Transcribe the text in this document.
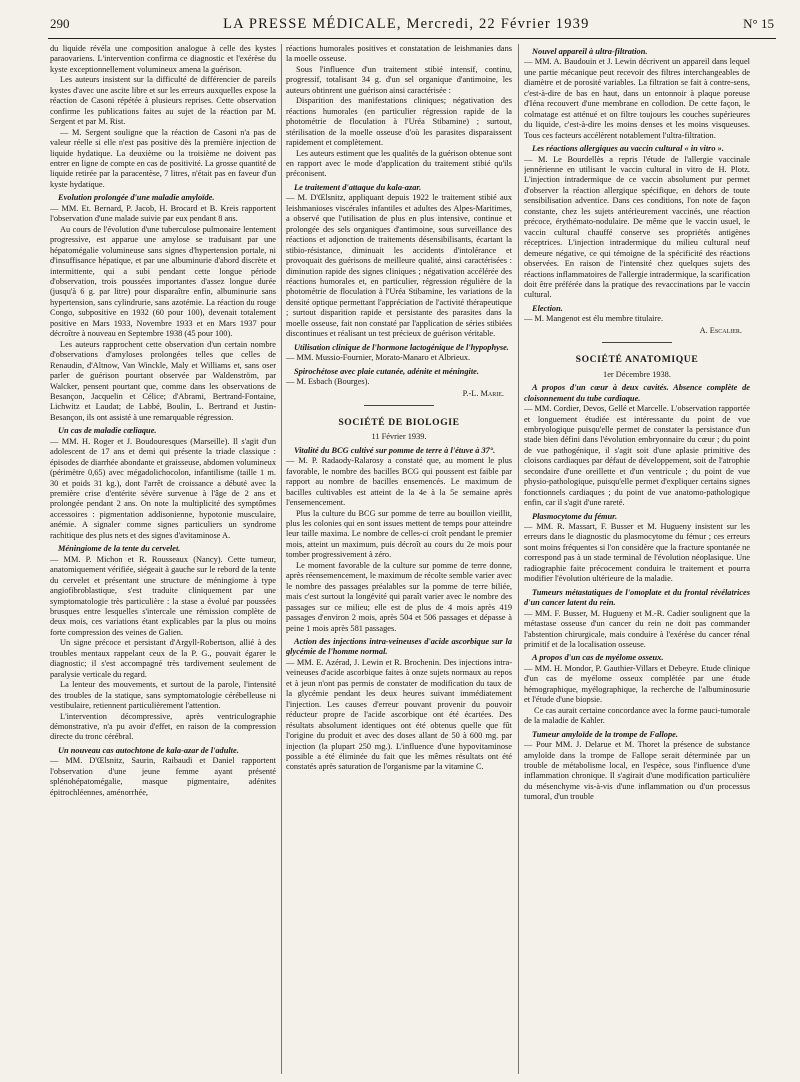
290	LA PRESSE MÉDICALE, Mercredi, 22 Février 1939	N° 15

du liquide révéla une composition analogue à celle des kystes paraovariens. L'intervention confirma ce diagnostic et l'exérèse du kyste exceptionnellement volumineux amena la guérison.

Les auteurs insistent sur la difficulté de différencier de pareils kystes d'avec une ascite libre et sur les erreurs auxquelles expose la réaction de Casoni répétée à plusieurs reprises. Cette observation confirme les publications faites au sujet de la réaction par M. Sergent et par M. Rist.

— M. Sergent souligne que la réaction de Casoni n'a pas de valeur réelle si elle n'est pas positive dès la première injection de liquide hydatique. La deuxième ou la troisième ne doivent pas entrer en ligne de compte en cas de positivité. La grosse quantité de liquide retirée par la paracentèse, 7 litres, n'était pas en faveur d'un kyste hydatique.

Evolution prolongée d'une maladie amyloïde.

— MM. Et. Bernard, P. Jacob, H. Brocard et B. Kreis rapportent l'observation d'une malade suivie par eux pendant 8 ans.

Au cours de l'évolution d'une tuberculose pulmonaire lentement progressive, est apparue une amylose se traduisant par une hépatomégalie volumineuse sans signes d'hypertension portale, ni d'insuffisance hépatique, et par une albuminurie d'abord discrète et intermittente, qui a subi pendant cette longue période d'observation, trois poussées importantes d'assez longue durée (jusqu'à 6 g. par litre) pour disparaître enfin, albuminurie sans hypertension, sans cylindrurie, sans azotémie. La réaction du rouge Congo, subpositive en 1932 (60 pour 100), devenait totalement positive en Mars 1933, Novembre 1933 et en Mars 1937 pour décroître à nouveau en Septembre 1938 (45 pour 100).

Les auteurs rapprochent cette observation d'un certain nombre d'observations d'amyloses prolongées telles que celles de Renaudin, d'Altnow, Van Winckle, Maly et Williams et, sans oser parler de guérison pourtant observée par Waldenström, par Walcker, pensent pourtant que, comme dans les observations de Besançon, Jacquelin et Célice; d'Abrami, Bertrand-Fontaine, Lichwitz et Laudat; de Labbé, Boulin, L. Bertrand et Justin-Besançon, ils ont assisté à une remarquable régression.

Un cas de maladie cœliaque.

— MM. H. Roger et J. Boudouresques (Marseille). Il s'agit d'un adolescent de 17 ans et demi qui présente la triade classique : épisodes de diarrhée abondante et graisseuse, abdomen volumineux (périmètre 0,65) avec mégadolichocolon, infantilisme (taille 1 m. 30 et poids 31 kg.), dont l'arrêt de croissance a débuté avec la première crise d'entérite sévère survenue à l'âge de 2 ans et prolongée pendant 2 ans. On note la multiplicité des symptômes accessoires : pigmentation addisonienne, hypotonie musculaire, anémie. A signaler comme signes particuliers un syndrome rachitique des plus nets et des signes d'avitaminose A.

Méningiome de la tente du cervelet.

— MM. P. Michon et R. Rousseaux (Nancy). Cette tumeur, anatomiquement vérifiée, siégeait à gauche sur le rebord de la tente du cervelet et présentant une structure de méningiome à type angiofibroblastique, s'est traduite cliniquement par une symptomatologie très particulière : la stase a évolué par poussées brusques entre lesquelles s'intercale une rémission complète de deux mois, ces variations étant explicables par la plus ou moins forte compression des veines de Galien.

Un signe précoce et persistant d'Argyll-Robertson, allié à des troubles mentaux rappelant ceux de la P. G., pouvait égarer le diagnostic; il s'est accompagné très tardivement seulement de paralysie verticale du regard.

La lenteur des mouvements, et surtout de la parole, l'intensité des troubles de la statique, sans symptomatologie cérébelleuse ni vestibulaire, retiennent particulièrement l'attention.

L'intervention décompressive, après ventriculographie démonstrative, n'a pu avoir d'effet, en raison de la compression directe du tronc cérébral.

Un nouveau cas autochtone de kala-azar de l'adulte.

— MM. D'Œlsnitz, Saurin, Raibaudi et Daniel rapportent l'observation d'une jeune femme ayant présenté splénohépatomégalie, masque pigmentaire, adénites épitrochléennes, aménorrhée,

réactions humorales positives et constatation de leishmanies dans la moelle osseuse.

Sous l'influence d'un traitement stibié intensif, continu, progressif, totalisant 34 g. d'un sel organique d'antimoine, les auteurs obtinrent une guérison ainsi caractérisée :

Disparition des manifestations cliniques; négativation des réactions humorales (en particulier régression rapide de la photométrie de floculation à l'Uréa Stibamine) ; surtout, stérilisation de la moelle osseuse d'où les parasites disparaissent rapidement et complètement.

Les auteurs estiment que les qualités de la guérison obtenue sont en rapport avec le mode d'application du traitement stibié qu'ils préconisent.

Le traitement d'attaque du kala-azar.

— M. D'Œlsnitz, appliquant depuis 1922 le traitement stibié aux leishmanioses viscérales infantiles et adultes des Alpes-Maritimes, a observé que l'utilisation de plus en plus intensive, continue et prolongée des sels organiques d'antimoine, sous surveillance des réactions et adjonction de traitements désensibilisants, écartant la stibio-résistance, diminuait les accidents d'intolérance et provoquait des guérisons de meilleure qualité, ainsi caractérisées : diminution rapide des signes cliniques ; négativation accélérée des réactions humorales et, en particulier, régression régulière de la photométrie de floculation à l'Uréa Stibamine, les variations de la densité optique permettant l'appréciation de l'activité thérapeutique ; surtout disparition rapide et persistante des parasites dans la moelle osseuse, fait non constaté par l'application de séries stibiées discontinues et réalisant un test précieux de guérison véritable.

Utilisation clinique de l'hormone lactogénique de l'hypophyse.

— MM. Mussio-Fournier, Morato-Manaro et Albrieux.

Spirochétose avec plaie cutanée, adénite et méningite.

— M. Esbach (Bourges).

P.-L. Marie.

SOCIÉTÉ DE BIOLOGIE

11 Février 1939.

Vitalité du BCG cultivé sur pomme de terre à l'étuve à 37°.

— M. P. Radaody-Ralarosy a constaté que, au moment le plus favorable, le nombre des bacilles BCG qui poussent est faible par rapport au nombre de bacilles ensemencés. Le maximum de bacilles cultivables est atteint de la 4e à la 5e semaine après l'ensemencement.

Plus la culture du BCG sur pomme de terre au bouillon vieillit, plus les colonies qui en sont issues mettent de temps pour atteindre leur taille maxima. Le nombre de celles-ci croît pendant le premier mois, atteint un maximum, puis décroît au cours du 2e mois pour tomber progressivement à zéro.

Le moment favorable de la culture sur pomme de terre donne, après réensemencement, le maximum de récolte semble varier avec le nombre des passages préalables sur la pomme de terre biliée, mais c'est surtout la longévité qui paraît varier avec le nombre des passages sur ce milieu; elle est de plus de 4 mois après 419 passages d'environ 2 mois, après 504 et 506 passages et dépasse à peine 1 mois après 581 passages.

Action des injections intra-veineuses d'acide ascorbique sur la glycémie de l'homme normal.

— MM. E. Azérad, J. Lewin et R. Brochenin. Des injections intra-veineuses d'acide ascorbique faites à onze sujets normaux au repos et à jeun n'ont pas permis de constater de modification du taux de la glycémie pendant les deux heures suivant immédiatement l'injection. Les causes d'erreur pouvant provenir du pouvoir réducteur propre de l'acide ascorbique ont été écartées. Des résultats absolument identiques ont été obtenus quelle que fût l'origine du produit et avec des doses allant de 50 à 600 mg. par injection (la plupart 250 mg.). L'influence d'une hypovitaminose possible a été éliminée du fait que les mêmes résultats ont été constatés après saturation de l'organisme par la vitamine C.

Nouvel appareil à ultra-filtration.

— MM. A. Baudouin et J. Lewin décrivent un appareil dans lequel une partie mécanique peut recevoir des filtres interchangeables de diamètre et de porosité variables. La filtration se fait à contre-sens, c'est-à-dire de bas en haut, dans un entonnoir à plaque poreuse d'Iéna recouvert d'une membrane en collodion. De cette façon, le colmatage est atténué et on filtre toujours les couches supérieures du liquide, c'est-à-dire les moins denses et les moins visqueuses. Tous ces facteurs accélèrent notablement l'ultra-filtration.

Les réactions allergiques au vaccin cultural « in vitro ».

— M. Le Bourdellès a repris l'étude de l'allergie vaccinale jennérienne en utilisant le vaccin cultural in vitro de H. Plotz. L'injection intradermique de ce vaccin absolument pur permet d'observer la réaction allergique spécifique, en dehors de toute sensibilisation adventice. Dans ces conditions, l'on note de façon constante, chez les sujets antérieurement vaccinés, une réaction précoce, érythémato-nodulaire. De même que le vaccin usuel, le vaccin cultural chauffé conserve ses propriétés antigènes réceptrices. L'injection intradermique du milieu cultural neuf demeure négative, ce qui témoigne de la spécificité des réactions observées. En raison de l'intensité chez quelques sujets des réactions inflammatoires de l'allergie intradermique, la scarification doit être préférée dans la pratique des revaccinations par le vaccin cultural.

Election.

— M. Mangenot est élu membre titulaire.

A. Escalier.

SOCIÉTÉ ANATOMIQUE

1er Décembre 1938.

A propos d'un cœur à deux cavités. Absence complète de cloisonnement du tube cardiaque.

— MM. Cordier, Devos, Gellé et Marcelle. L'observation rapportée et longuement étudiée est intéressante du point de vue embryologique puisqu'elle permet de constater la persistance d'un stade bien défini dans l'évolution embryonnaire du cœur ; du point de vue pathogénique, il s'agit soit d'une aplasie primitive des cloisons cardiaques par défaut de développement, soit de l'atrophie secondaire d'une oreillette et d'un ventricule ; du point de vue physio-pathologique, puisqu'elle permet d'expliquer certains signes fonctionnels cardiaques ; du point de vue anatomo-pathologique enfin, car il s'agit d'une rareté.

Plasmocytome du fémur.

— MM. R. Massart, F. Busser et M. Hugueny insistent sur les erreurs dans le diagnostic du plasmocytome du fémur ; ces erreurs sont moins fréquentes si l'on considère que la fracture spontanée ne correspond pas à un stade terminal de l'évolution néoplasique. Une radiographie faite précocement conduira le traitement et pourra modifier l'évolution ultérieure de la maladie.

Tumeurs métastatiques de l'omoplate et du frontal révélatrices d'un cancer latent du rein.

— MM. F. Busser, M. Hugueny et M.-R. Cadier soulignent que la métastase osseuse d'un cancer du rein ne doit pas commander l'abstention chirurgicale, mais conduire à l'exérèse du cancer rénal primitif et de la localisation osseuse.

A propos d'un cas de myélome osseux.

— MM. H. Mondor, P. Gauthier-Villars et Debeyre. Etude clinique d'un cas de myélome osseux complétée par une étude hémographique, myélographique, la recherche de l'albuminosurie et l'étude d'une biopsie.

Ce cas aurait certaine concordance avec la forme pauci-tumorale de la maladie de Kahler.

Tumeur amyloïde de la trompe de Fallope.

— Pour MM. J. Delarue et M. Thoret la présence de substance amyloïde dans la trompe de Fallope serait déterminée par un trouble de métabolisme local, en l'espèce, sous l'influence d'une inflammation chronique. Il s'agirait d'une modification particulière du mésenchyme vis-à-vis d'une inflammation ou d'un processus tumoral, d'un trouble
